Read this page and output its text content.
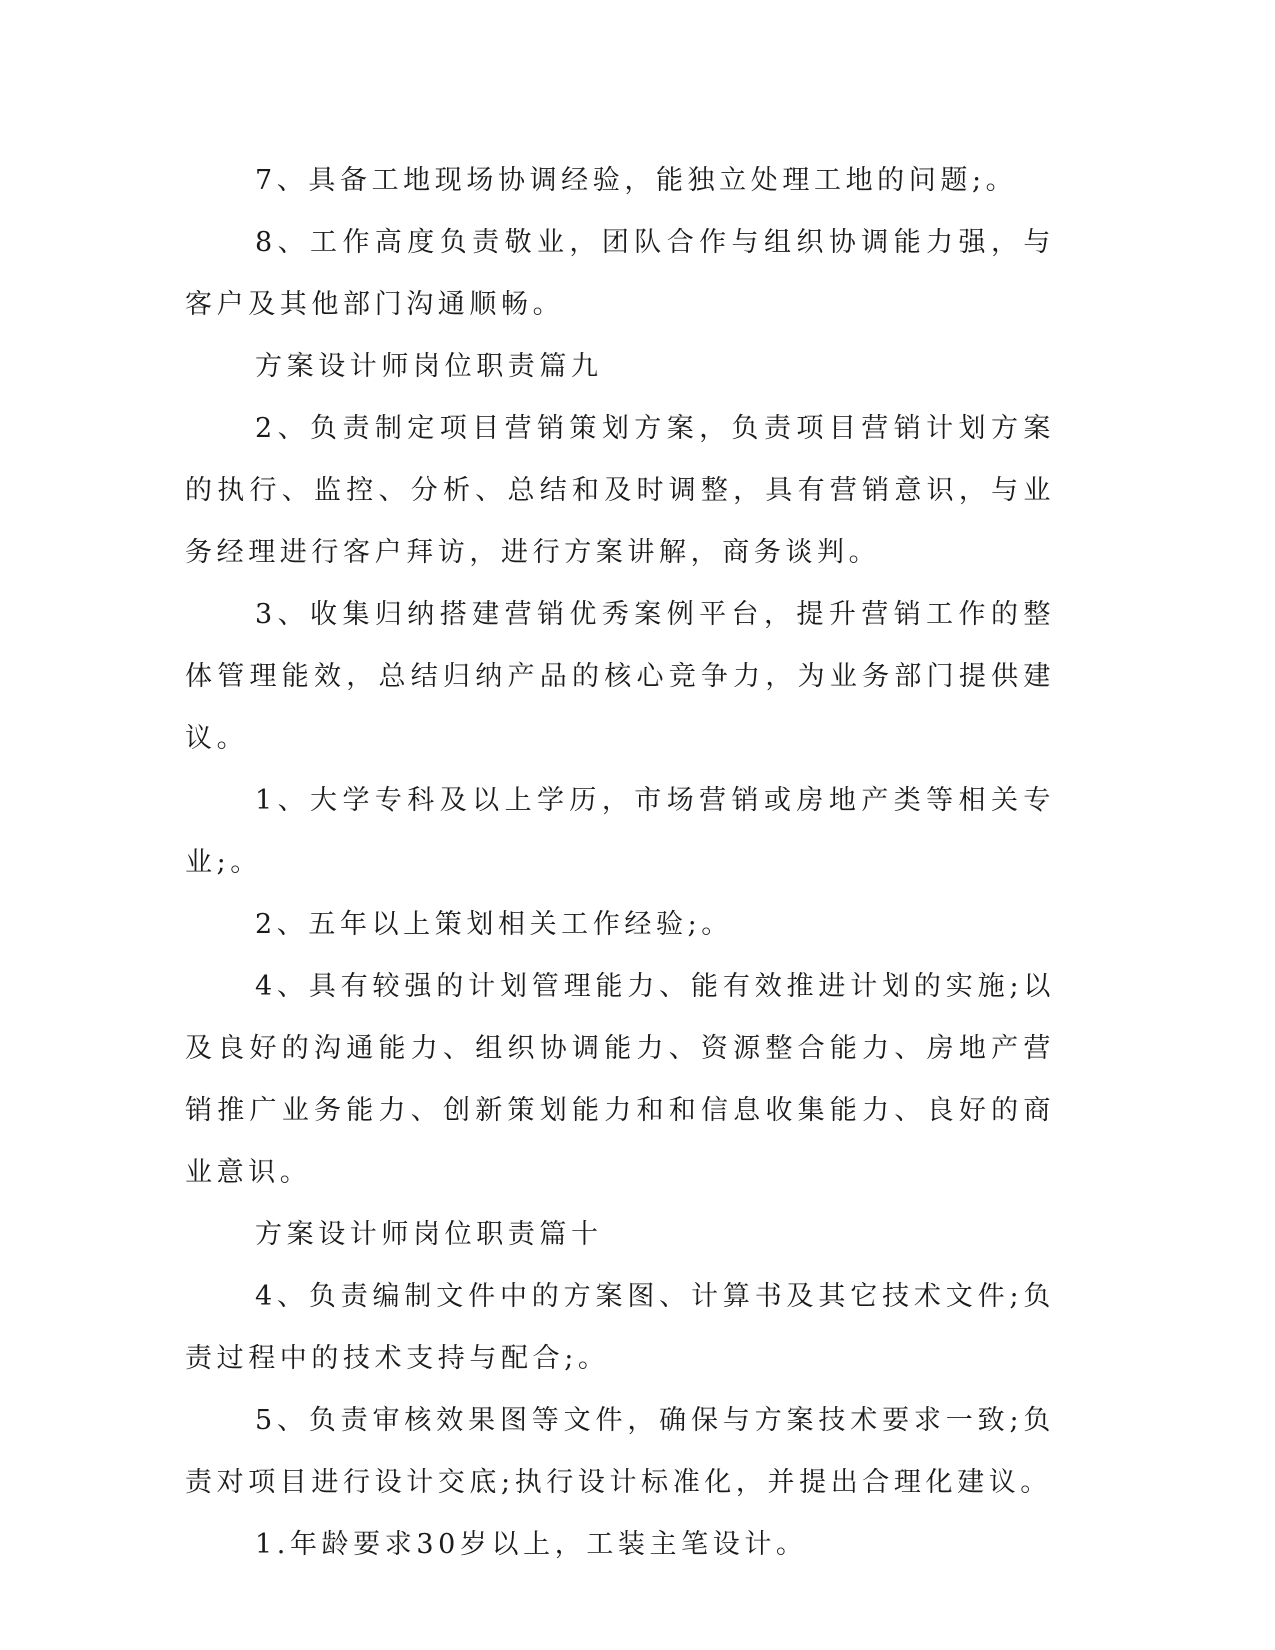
7、具备工地现场协调经验，能独立处理工地的问题;。

8、工作高度负责敬业，团队合作与组织协调能力强，与客户及其他部门沟通顺畅。

方案设计师岗位职责篇九

2、负责制定项目营销策划方案，负责项目营销计划方案的执行、监控、分析、总结和及时调整，具有营销意识，与业务经理进行客户拜访，进行方案讲解，商务谈判。

3、收集归纳搭建营销优秀案例平台，提升营销工作的整体管理能效，总结归纳产品的核心竞争力，为业务部门提供建议。

1、大学专科及以上学历，市场营销或房地产类等相关专业;。

2、五年以上策划相关工作经验;。

4、具有较强的计划管理能力、能有效推进计划的实施;以及良好的沟通能力、组织协调能力、资源整合能力、房地产营销推广业务能力、创新策划能力和和信息收集能力、良好的商业意识。

方案设计师岗位职责篇十

4、负责编制文件中的方案图、计算书及其它技术文件;负责过程中的技术支持与配合;。

5、负责审核效果图等文件，确保与方案技术要求一致;负责对项目进行设计交底;执行设计标准化，并提出合理化建议。

1.年龄要求30岁以上，工装主笔设计。
